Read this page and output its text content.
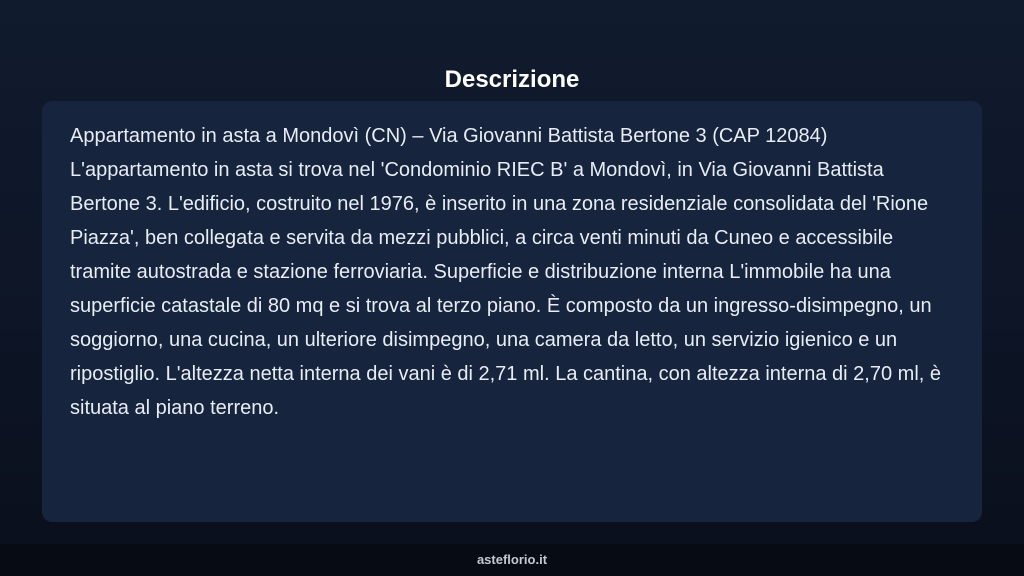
Descrizione

Appartamento in asta a Mondovì (CN) – Via Giovanni Battista Bertone 3 (CAP 12084) L'appartamento in asta si trova nel 'Condominio RIEC B' a Mondovì, in Via Giovanni Battista Bertone 3. L'edificio, costruito nel 1976, è inserito in una zona residenziale consolidata del 'Rione Piazza', ben collegata e servita da mezzi pubblici, a circa venti minuti da Cuneo e accessibile tramite autostrada e stazione ferroviaria. Superficie e distribuzione interna L'immobile ha una superficie catastale di 80 mq e si trova al terzo piano. È composto da un ingresso-disimpegno, un soggiorno, una cucina, un ulteriore disimpegno, una camera da letto, un servizio igienico e un ripostiglio. L'altezza netta interna dei vani è di 2,71 ml. La cantina, con altezza interna di 2,70 ml, è situata al piano terreno.

asteflorio.it
